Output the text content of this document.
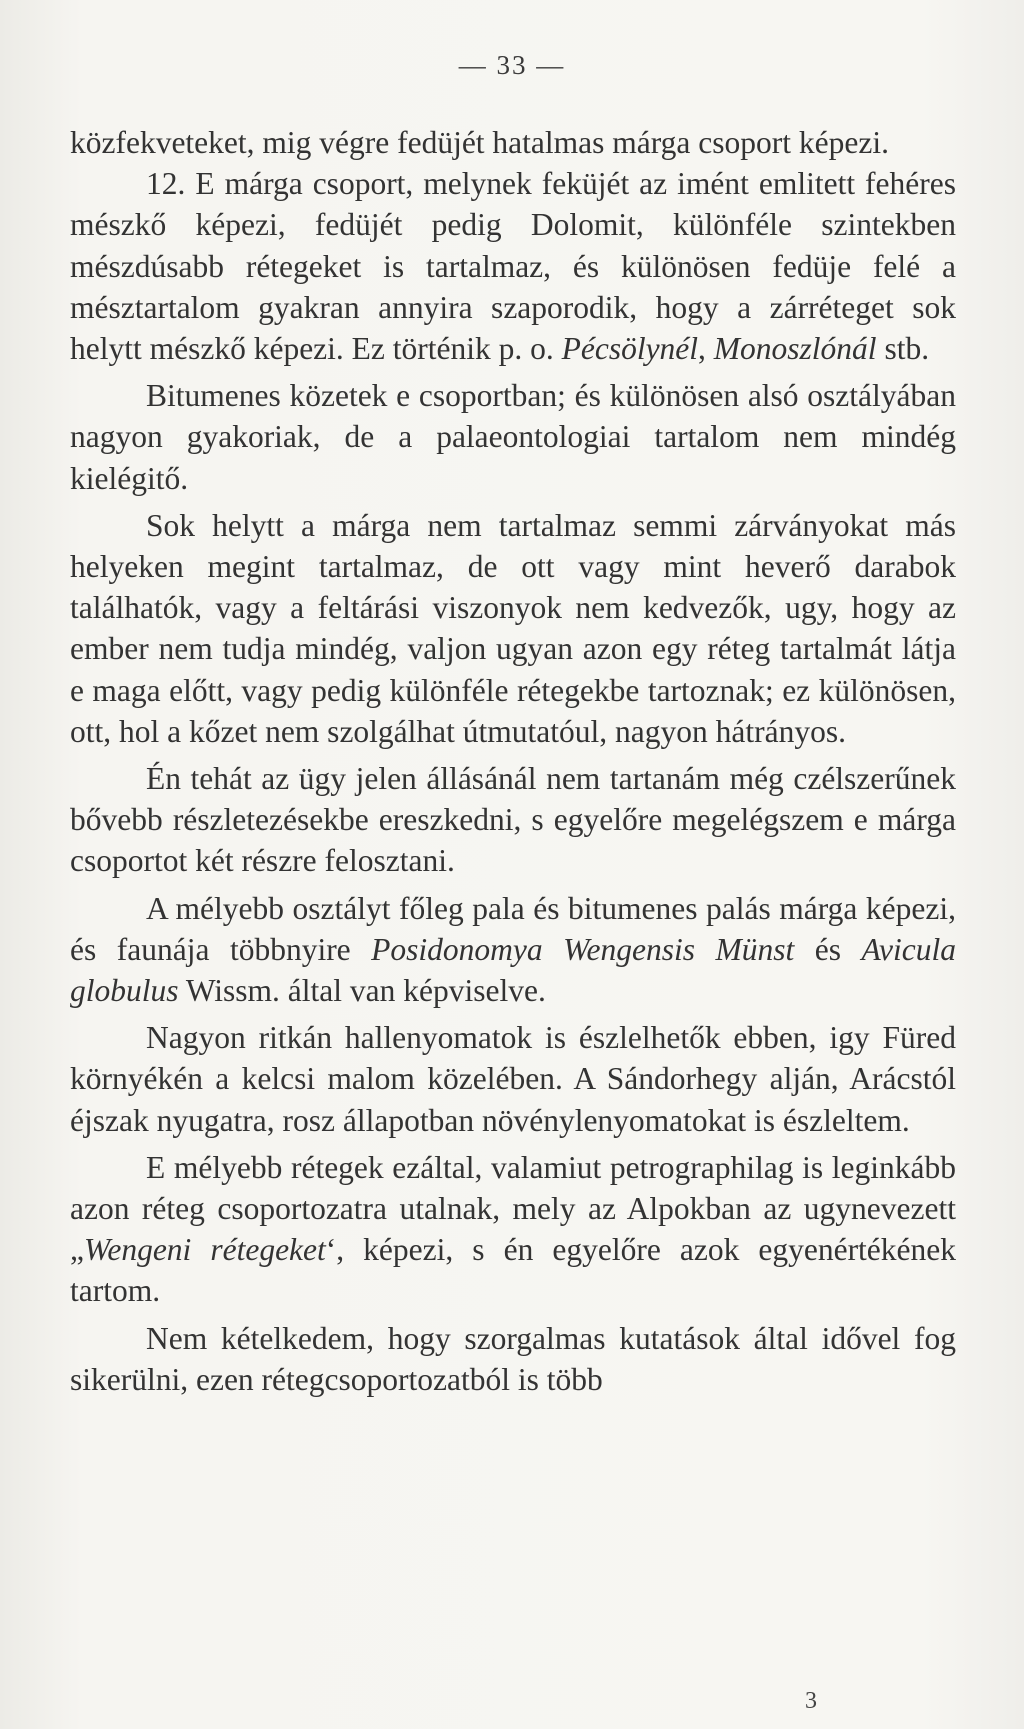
— 33 —

közfekveteket, mig végre fedüjét hatalmas márga csoport képezi.

12. E márga csoport, melynek feküjét az imént emlitett fehéres mészkő képezi, fedüjét pedig Dolomit, különféle szintekben mészdúsabb rétegeket is tartalmaz, és különösen fedüje felé a mésztartalom gyakran annyira szaporodik, hogy a zárréteget sok helytt mészkő képezi. Ez történik p. o. Pécsölynél, Monoszlónál stb.

Bitumenes közetek e csoportban; és különösen alsó osztályában nagyon gyakoriak, de a palaeontologiai tartalom nem mindég kielégitő.

Sok helytt a márga nem tartalmaz semmi zárványokat más helyeken megint tartalmaz, de ott vagy mint heverő darabok találhatók, vagy a feltárási viszonyok nem kedvezők, ugy, hogy az ember nem tudja mindég, valjon ugyan azon egy réteg tartalmát látja e maga előtt, vagy pedig különféle rétegekbe tartoznak; ez különösen, ott, hol a kőzet nem szolgálhat útmutatóul, nagyon hátrányos.

Én tehát az ügy jelen állásánál nem tartanám még czélszerűnek bővebb részletezésekbe ereszkedni, s egyelőre megelégszem e márga csoportot két részre felosztani.

A mélyebb osztályt főleg pala és bitumenes palás márga képezi, és faunája többnyire Posidonomya Wengensis Münst és Avicula globulus Wissm. által van képviselve.

Nagyon ritkán hallenyomatok is észlelhetők ebben, igy Füred környékén a kelcsi malom közelében. A Sándorhegy alján, Arácstól éjszak nyugatra, rosz állapotban növénylenyomatokat is észleltem.

E mélyebb rétegek ezáltal, valamiut petrographilag is leginkább azon réteg csoportozatra utalnak, mely az Alpokban az ugynevezett „Wengeni rétegeket‘, képezi, s én egyelőre azok egyenértékének tartom.

Nem kételkedem, hogy szorgalmas kutatások által idővel fog sikerülni, ezen rétegcsoportozatból is több

3
